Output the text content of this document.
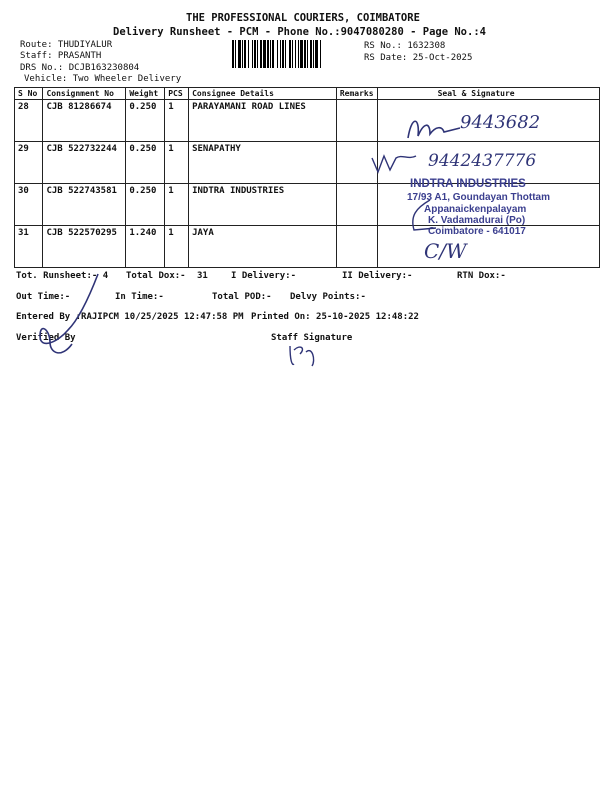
THE PROFESSIONAL COURIERS, COIMBATORE
Delivery Runsheet - PCM - Phone No.:9047080280 - Page No.:4
Route: THUDIYALUR
Staff: PRASANTH
DRS No.: DCJB163230804
Vehicle: Two Wheeler Delivery
RS No.: 1632308
RS Date: 25-Oct-2025
S No	Consignment No	Weight	PCS	Consignee Details	Remarks	Seal & Signature
28	CJB 81286674	0.250	1	PARAYAMANI ROAD LINES		
29	CJB 522732244	0.250	1	SENAPATHY		
30	CJB 522743581	0.250	1	INDTRA INDUSTRIES		
31	CJB 522570295	1.240	1	JAYA		
9443682
9442437776
INDTRA INDUSTRIES
17/93 A1, Goundayan Thottam
Appanaickenpalayam
K. Vadamadurai (Po)
Coimbatore - 641017
C/W
Tot. Runsheet:- 4 Total Dox:- 31	I Delivery:-	II Delivery:-	RTN Dox:-
Out Time:-	In Time:-	Total POD:- Delvy Points:-
Entered By :RAJIPCM 10/25/2025 12:47:58 PM Printed On: 25-10-2025 12:48:22
Verified By	Staff Signature
